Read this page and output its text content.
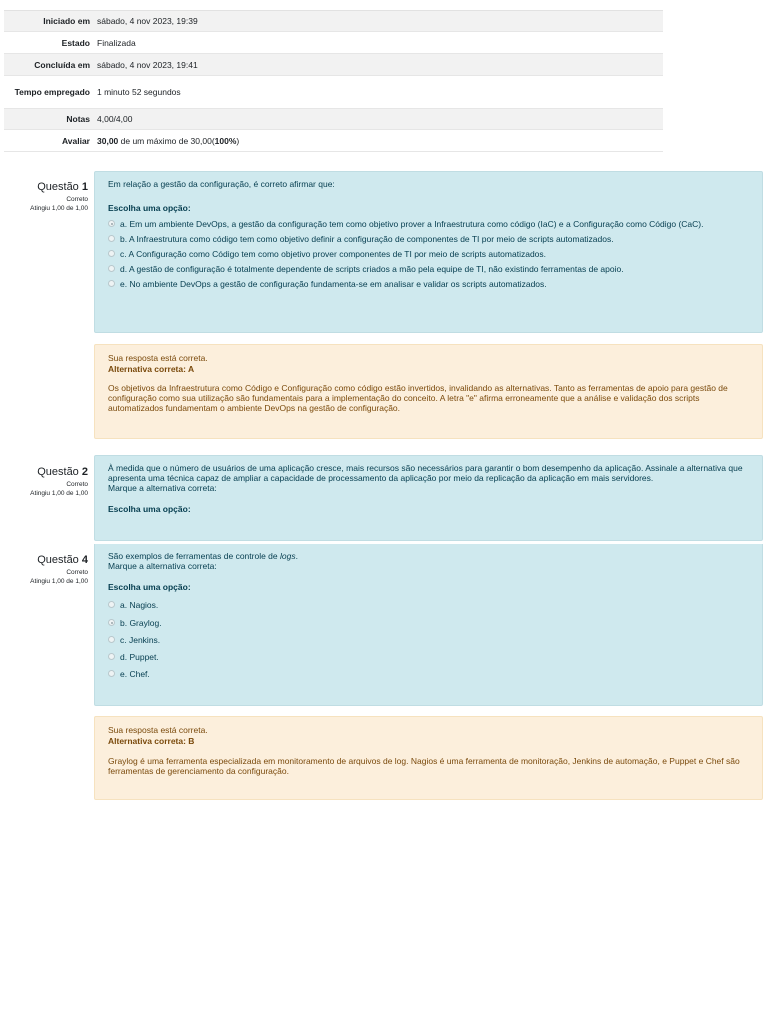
Iniciado em sábado, 4 nov 2023, 19:39
Estado Finalizada
Concluída em sábado, 4 nov 2023, 19:41
Tempo empregado 1 minuto 52 segundos
Notas 4,00/4,00
Avaliar 30,00 de um máximo de 30,00(100%)
Questão 1
Correto
Atingiu 1,00 de 1,00
Em relação a gestão da configuração, é correto afirmar que:
Escolha uma opção:
a. Em um ambiente DevOps, a gestão da configuração tem como objetivo prover a Infraestrutura como código (IaC) e a Configuração como Código (CaC).
b. A Infraestrutura como código tem como objetivo definir a configuração de componentes de TI por meio de scripts automatizados.
c. A Configuração como Código tem como objetivo prover componentes de TI por meio de scripts automatizados.
d. A gestão de configuração é totalmente dependente de scripts criados a mão pela equipe de TI, não existindo ferramentas de apoio.
e. No ambiente DevOps a gestão de configuração fundamenta-se em analisar e validar os scripts automatizados.
Sua resposta está correta.
Alternativa correta: A
Os objetivos da Infraestrutura como Código e Configuração como código estão invertidos, invalidando as alternativas. Tanto as ferramentas de apoio para gestão de configuração como sua utilização são fundamentais para a implementação do conceito. A letra "e" afirma erroneamente que a análise e validação dos scripts automatizados fundamentam o ambiente DevOps na gestão de configuração.
Questão 2
Correto
Atingiu 1,00 de 1,00
À medida que o número de usuários de uma aplicação cresce, mais recursos são necessários para garantir o bom desempenho da aplicação. Assinale a alternativa que apresenta uma técnica capaz de ampliar a capacidade de processamento da aplicação por meio da replicação da aplicação em mais servidores.
Marque a alternativa correta:
Escolha uma opção:
Questão 4
Correto
Atingiu 1,00 de 1,00
São exemplos de ferramentas de controle de logs.
Marque a alternativa correta:
Escolha uma opção:
a. Nagios.
b. Graylog.
c. Jenkins.
d. Puppet.
e. Chef.
Sua resposta está correta.
Alternativa correta: B
Graylog é uma ferramenta especializada em monitoramento de arquivos de log. Nagios é uma ferramenta de monitoração, Jenkins de automação, e Puppet e Chef são ferramentas de gerenciamento da configuração.
